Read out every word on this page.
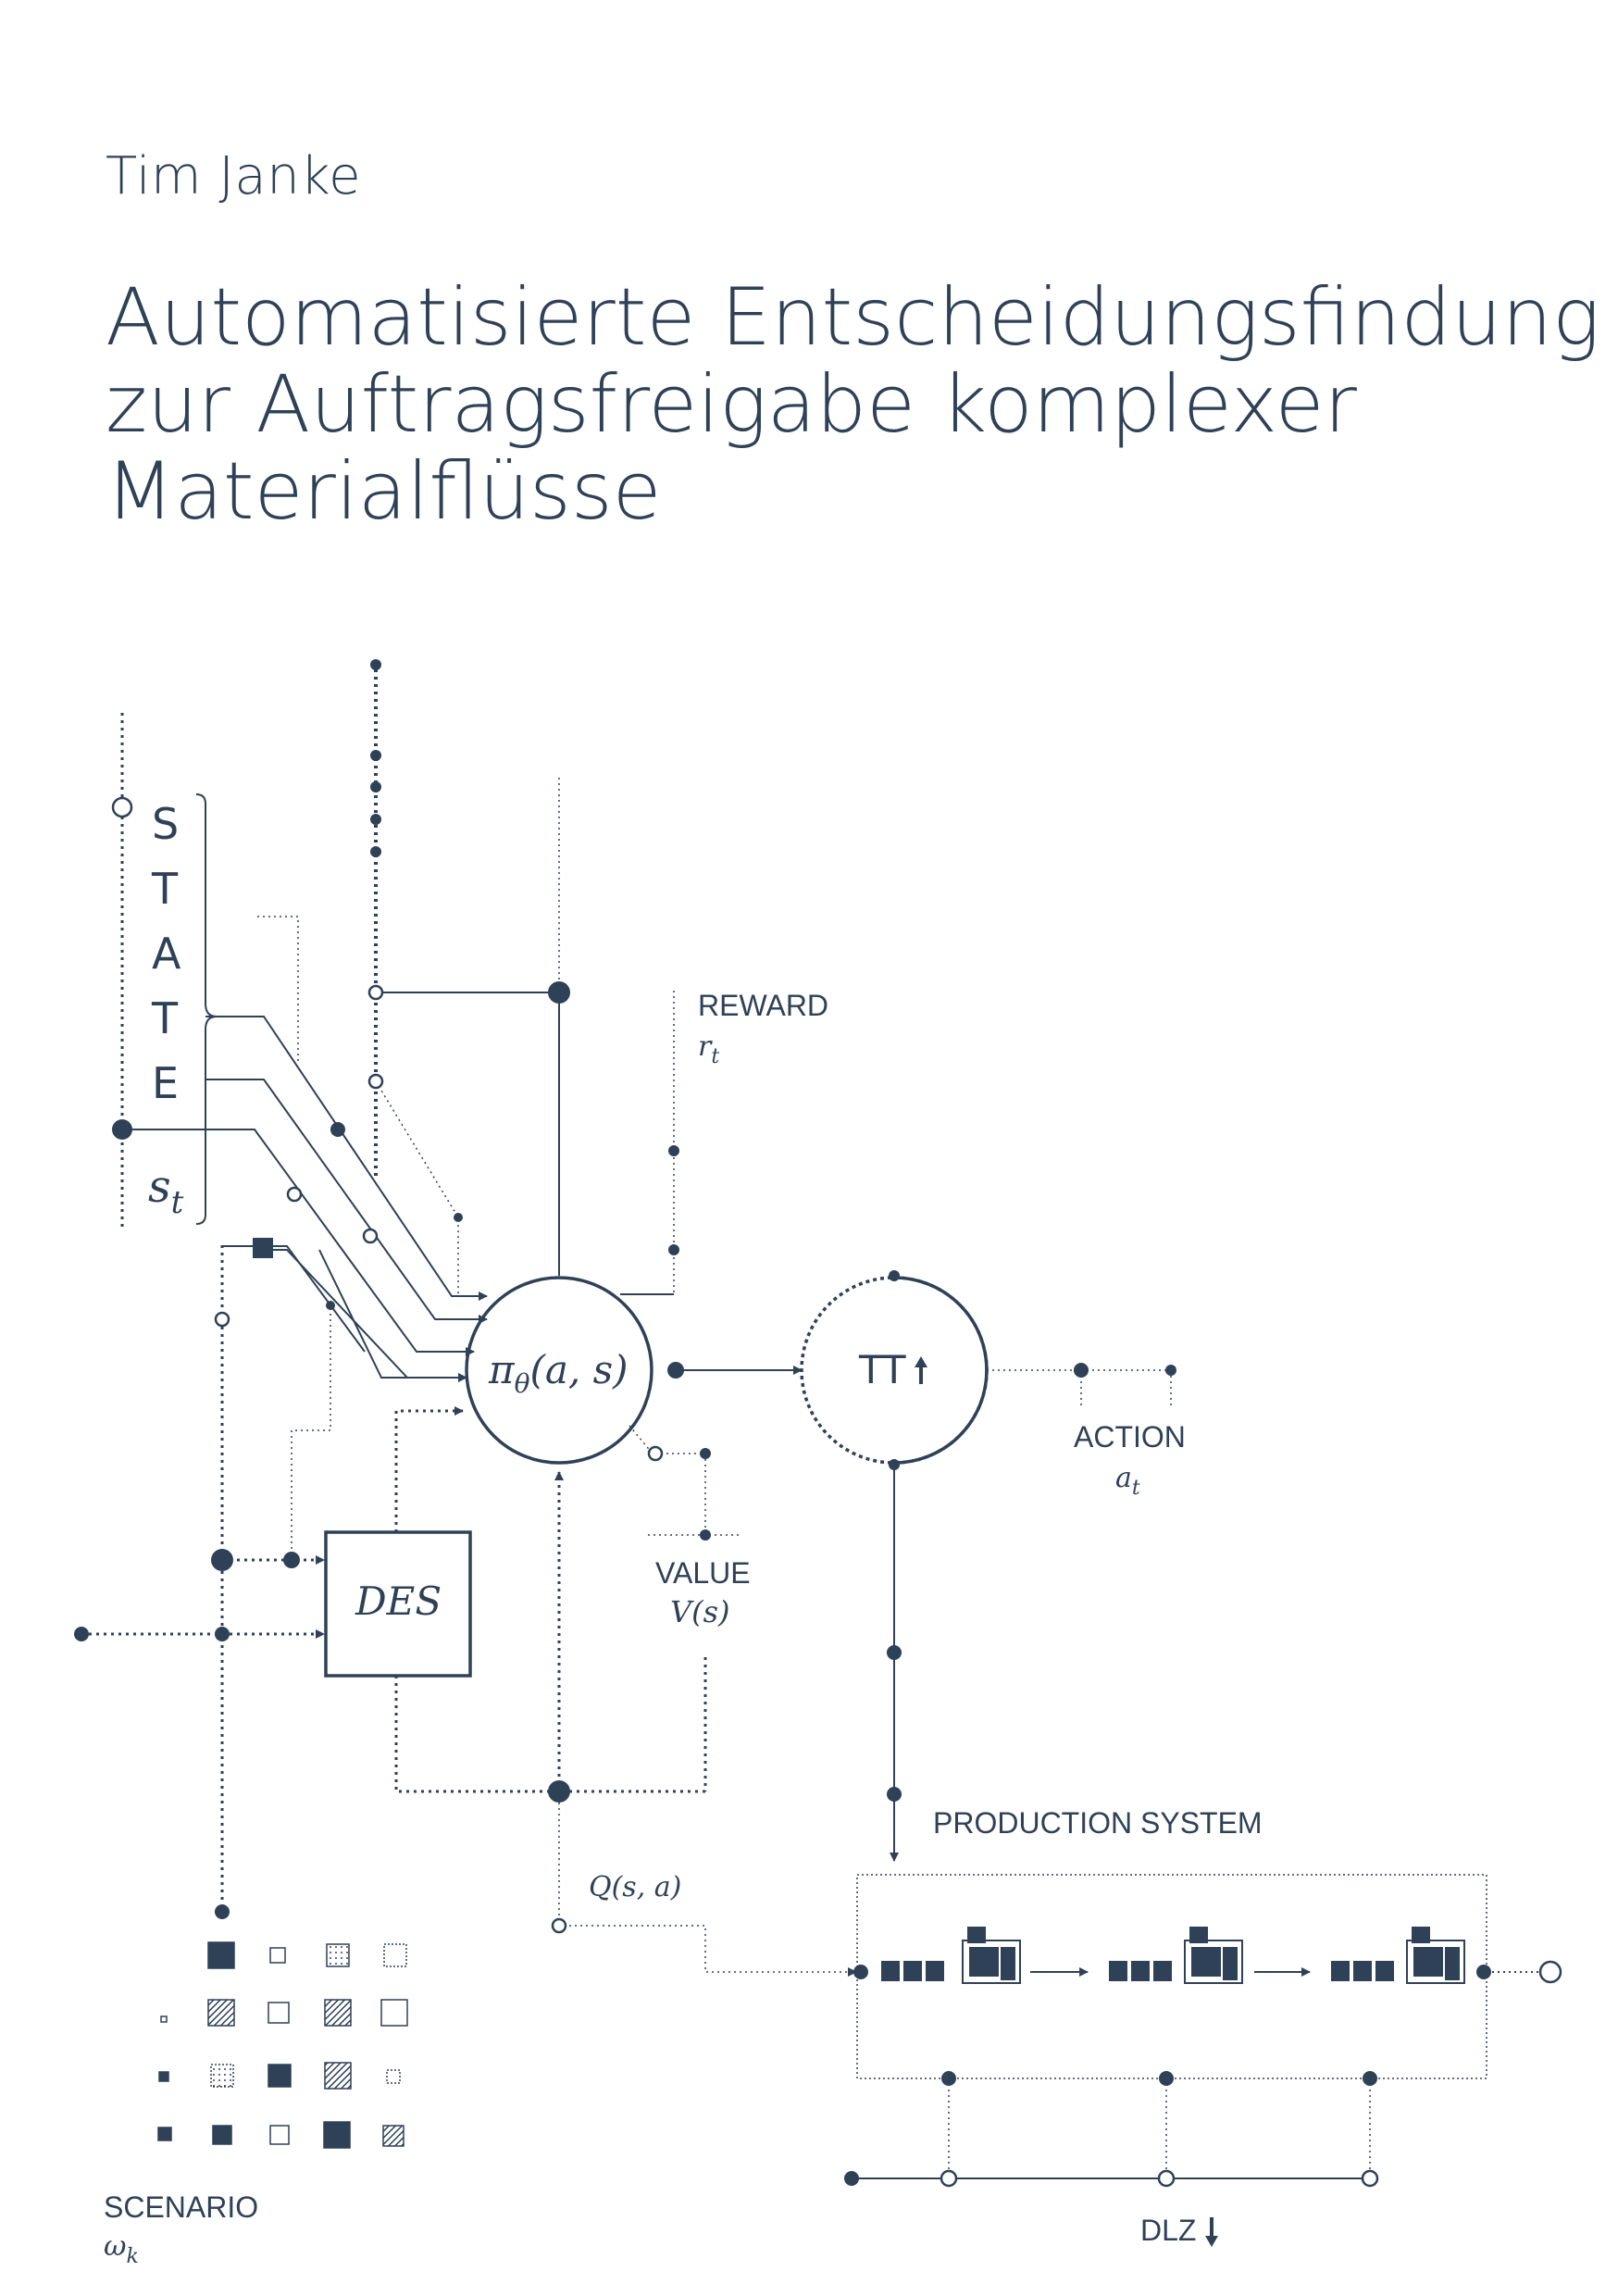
Tim Janke
Automatisierte Entscheidungsfindung
zur Auftragsfreigabe komplexer
Materialflüsse
S
T
A
T
E
$s_t$
$\pi_\theta(a$, s)	TT
DES
REWARD
$r_t$
ACTION
$a_t$
VALUE
V(s)
Q(s, a)
PRODUCTION SYSTEM
SCENARIO
$\omega_k$
DLZ
